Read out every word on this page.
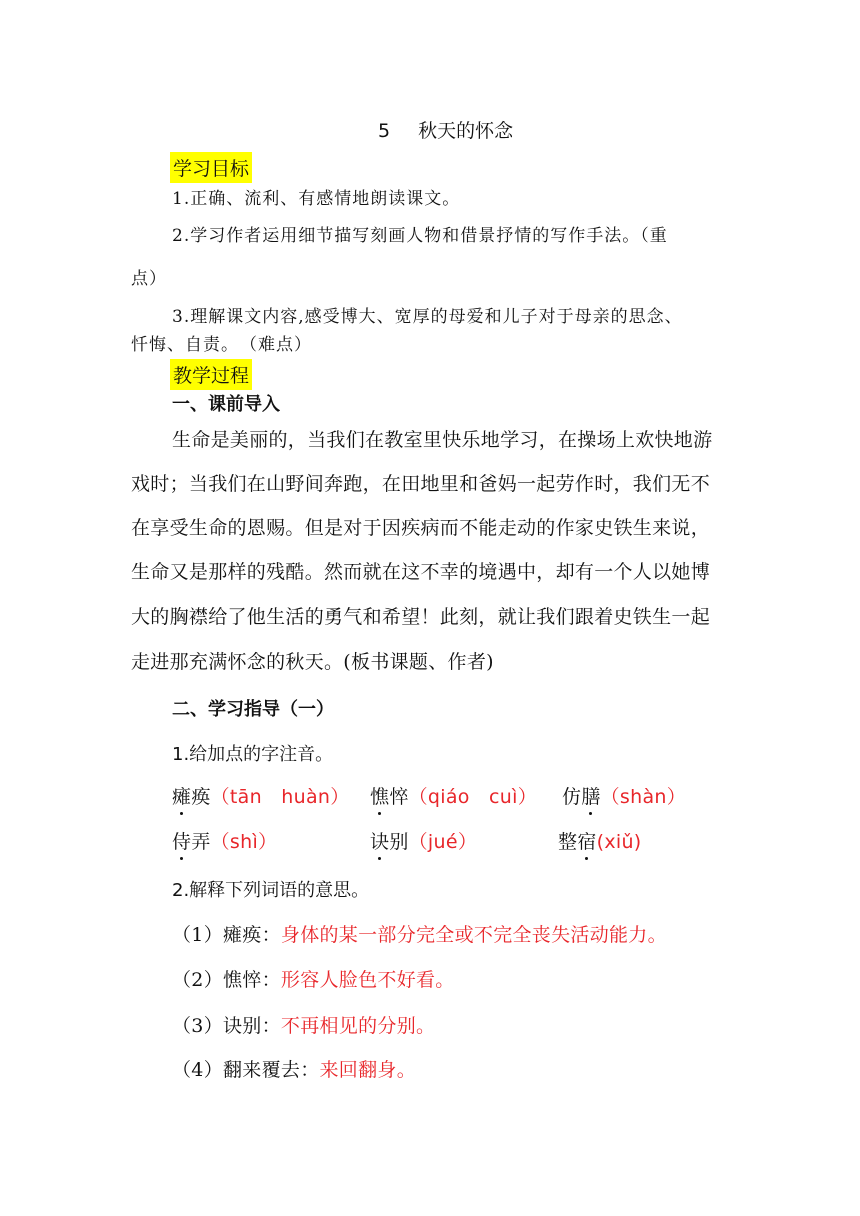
5 秋天的怀念
学习目标
1.正确、流利、有感情地朗读课文。
2.学习作者运用细节描写刻画人物和借景抒情的写作手法。（重
点）
3.理解课文内容,感受博大、宽厚的母爱和儿子对于母亲的思念、
忏悔、自责。　（难点）
教学过程
一、课前导入
生命是美丽的，当我们在教室里快乐地学习，在操场上欢快地游
戏时；当我们在山野间奔跑，在田地里和爸妈一起劳作时，我们无不
在享受生命的恩赐。但是对于因疾病而不能走动的作家史铁生来说，
生命又是那样的残酷。然而就在这不幸的境遇中，却有一个人以她博
大的胸襟给了他生活的勇气和希望！此刻，就让我们跟着史铁生一起
走进那充满怀念的秋天。(板书课题、作者)
二、学习指导（一）
1.给加点的字注音。
瘫痪（tān　huàn） 憔悴（qiáo　cuì） 仿膳（shàn）
侍弄（shì）	诀别（jué）	整宿(xiǔ)
2.解释下列词语的意思。
（1）瘫痪：身体的某一部分完全或不完全丧失活动能力。
（2）憔悴：形容人脸色不好看。
（3）诀别：不再相见的分别。
（4）翻来覆去：来回翻身。
